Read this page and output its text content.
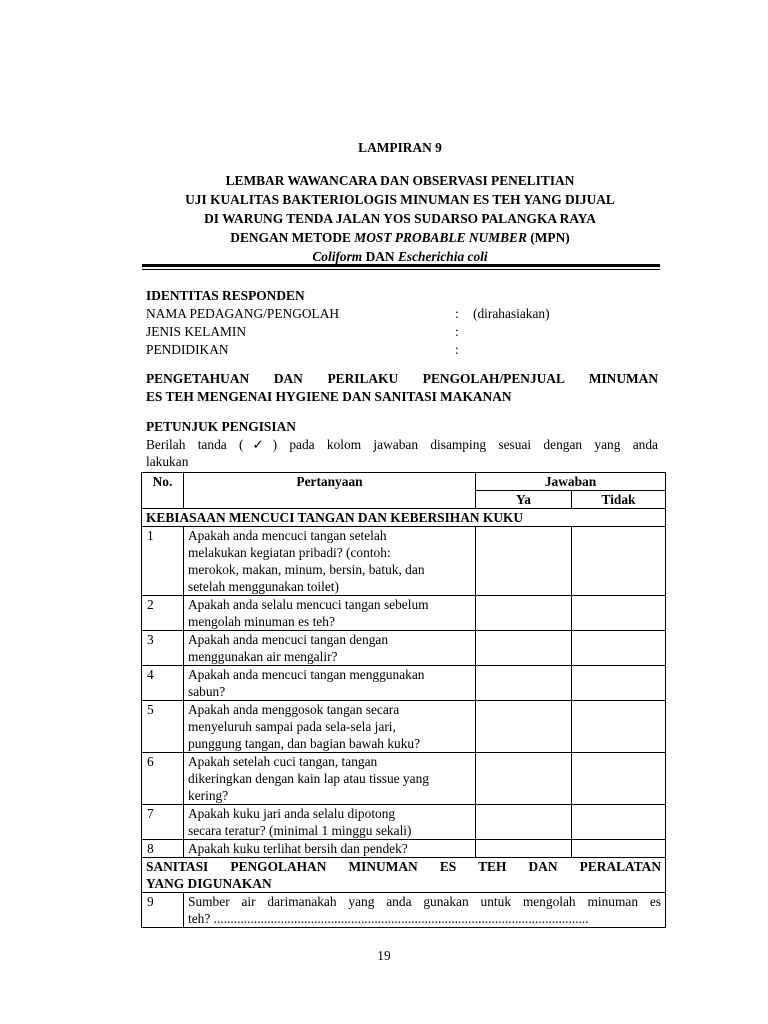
LAMPIRAN 9
LEMBAR WAWANCARA DAN OBSERVASI PENELITIAN
UJI KUALITAS BAKTERIOLOGIS MINUMAN ES TEH YANG DIJUAL
DI WARUNG TENDA JALAN YOS SUDARSO PALANGKA RAYA
DENGAN METODE MOST PROBABLE NUMBER (MPN)
Coliform DAN Escherichia coli
IDENTITAS RESPONDEN
NAMA PEDAGANG/PENGOLAH	:	(dirahasiakan)
JENIS KELAMIN	:
PENDIDIKAN	:
PENGETAHUAN DAN PERILAKU PENGOLAH/PENJUAL MINUMAN
ES TEH MENGENAI HYGIENE DAN SANITASI MAKANAN
PETUNJUK PENGISIAN
Berilah tanda (✓) pada kolom jawaban disamping sesuai dengan yang anda
lakukan
No.	Pertanyaan	Jawaban	
		Ya	Tidak
KEBIASAAN MENCUCI TANGAN DAN KEBERSIHAN KUKU			
1	Apakah anda mencuci tangan setelah
melakukan kegiatan pribadi? (contoh:
merokok, makan, minum, bersin, batuk, dan
setelah menggunakan toilet)		

2	Apakah anda selalu mencuci tangan sebelum
mengolah minuman es teh?		

3	Apakah anda mencuci tangan dengan
menggunakan air mengalir?		

4	Apakah anda mencuci tangan menggunakan
sabun?		

5	Apakah anda menggosok tangan secara
menyeluruh sampai pada sela-sela jari,
punggung tangan, dan bagian bawah kuku?		

6	Apakah setelah cuci tangan, tangan
dikeringkan dengan kain lap atau tissue yang
kering?		

7	Apakah kuku jari anda selalu dipotong
secara teratur? (minimal 1 minggu sekali)		

8	Apakah kuku terlihat bersih dan pendek?		

SANITASI PENGOLAHAN MINUMAN ES TEH DAN PERALATAN
YANG DIGUNAKAN			
9	Sumber air darimanakah yang anda gunakan untuk mengolah minuman es
teh? ................................................................................................................		
19
